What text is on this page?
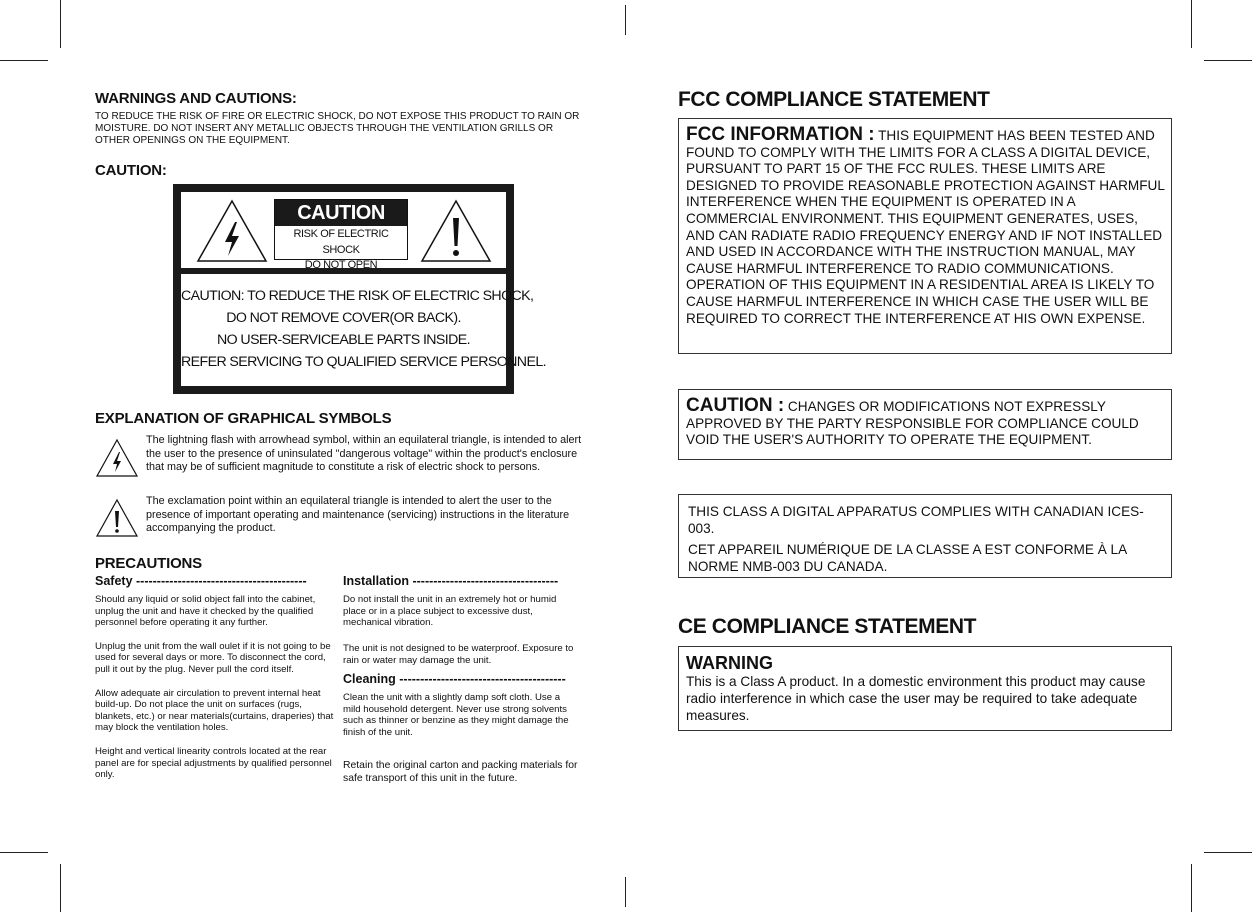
WARNINGS AND CAUTIONS:
TO REDUCE THE RISK OF FIRE OR ELECTRIC SHOCK, DO NOT EXPOSE THIS PRODUCT TO RAIN OR MOISTURE. DO NOT INSERT ANY METALLIC OBJECTS THROUGH THE VENTILATION GRILLS OR OTHER OPENINGS ON THE EQUIPMENT.
CAUTION:
CAUTION
RISK OF ELECTRIC SHOCK
DO NOT OPEN
CAUTION: TO REDUCE THE RISK OF ELECTRIC SHOCK,
DO NOT REMOVE COVER(OR BACK).
NO USER-SERVICEABLE PARTS INSIDE.
REFER SERVICING TO QUALIFIED SERVICE PERSONNEL.
EXPLANATION OF GRAPHICAL SYMBOLS
The lightning flash with arrowhead symbol, within an equilateral triangle, is intended to alert the user to the presence of uninsulated "dangerous voltage" within the product's enclosure that may be of sufficient magnitude to constitute a risk of electric shock to persons.
The exclamation point within an equilateral triangle is intended to alert the user to the presence of important operating and maintenance (servicing) instructions in the literature accompanying the product.
PRECAUTIONS
Safety -----------------------------------------

Should any liquid or solid object fall into the cabinet, unplug the unit and have it checked by the qualified personnel before operating it any further.

Unplug the unit from the wall oulet if it is not going to be used for several days or more. To disconnect the cord, pull it out by the plug. Never pull the cord itself.

Allow adequate air circulation to prevent internal heat build-up. Do not place the unit on surfaces (rugs, blankets, etc.) or near materials(curtains, draperies) that may block the ventilation holes.

Height and vertical linearity controls located at the rear panel are for special adjustments by qualified personnel only.

Installation -----------------------------------
Do not install the unit in an extremely hot or humid place or in a place subject to excessive dust, mechanical vibration.
The unit is not designed to be waterproof. Exposure to rain or water may damage the unit.
Cleaning ----------------------------------------
Clean the unit with a slightly damp soft cloth. Use a mild household detergent. Never use strong solvents such as thinner or benzine as they might damage the finish of the unit.
Retain the original carton and packing materials for safe transport of this unit in the future.
FCC COMPLIANCE STATEMENT
FCC INFORMATION : THIS EQUIPMENT HAS BEEN TESTED AND FOUND TO COMPLY WITH THE LIMITS FOR A CLASS A DIGITAL DEVICE, PURSUANT TO PART 15 OF THE FCC RULES. THESE LIMITS ARE DESIGNED TO PROVIDE REASONABLE PROTECTION AGAINST HARMFUL INTERFERENCE WHEN THE EQUIPMENT IS OPERATED IN A COMMERCIAL ENVIRONMENT. THIS EQUIPMENT GENERATES, USES, AND CAN RADIATE RADIO FREQUENCY ENERGY AND IF NOT INSTALLED AND USED IN ACCORDANCE WITH THE INSTRUCTION MANUAL, MAY CAUSE HARMFUL INTERFERENCE TO RADIO COMMUNICATIONS. OPERATION OF THIS EQUIPMENT IN A RESIDENTIAL AREA IS LIKELY TO CAUSE HARMFUL INTERFERENCE IN WHICH CASE THE USER WILL BE REQUIRED TO CORRECT THE INTERFERENCE AT HIS OWN EXPENSE.
CAUTION : CHANGES OR MODIFICATIONS NOT EXPRESSLY APPROVED BY THE PARTY RESPONSIBLE FOR COMPLIANCE COULD VOID THE USER'S AUTHORITY TO OPERATE THE EQUIPMENT.
THIS CLASS A DIGITAL APPARATUS COMPLIES WITH CANADIAN ICES-003.
CET APPAREIL NUMÉRIQUE DE LA CLASSE A EST CONFORME À LA NORME NMB-003 DU CANADA.
CE COMPLIANCE STATEMENT
WARNING
This is a Class A product. In a domestic environment this product may cause radio interference in which case the user may be required to take adequate measures.
